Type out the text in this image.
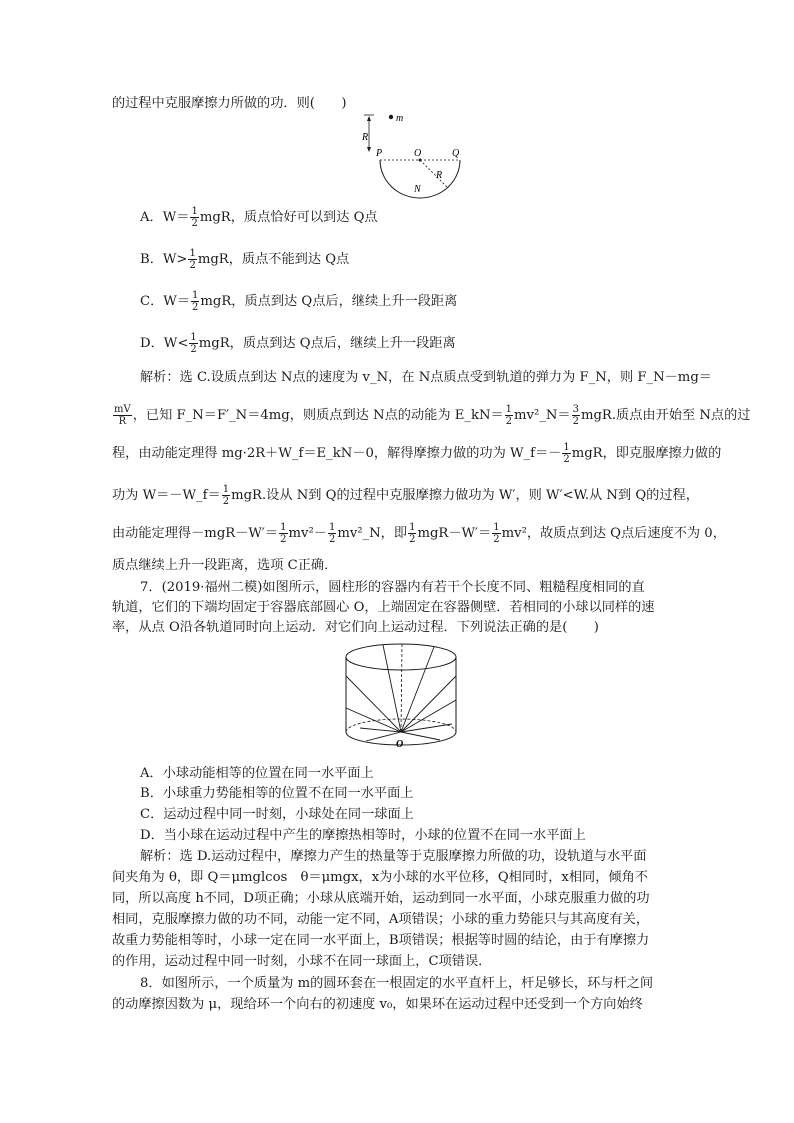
的过程中克服摩擦力所做的功．则(　　)
m
R
P	O	Q
R
N
A．$W= \frac{1}{2}$ mgR，质点恰好可以到达 Q点
B．$W> \frac{1}{2}$ mgR，质点不能到达 Q点
C．$W= \frac{1}{2}$ mgR，质点到达 Q点后，继续上升一段距离
D．$W< \frac{1}{2}$ mgR，质点到达 Q点后，继续上升一段距离
解析：选 C.设质点到达 N点的速度为 v_N，在 N点质点受到轨道的弹力为 F_N，则 F_N－mg＝
$\frac{mV}{R}$ ，已知 F_N＝F′_N＝4mg，则质点到达 N点的动能为 E_kN＝ $\frac{1}{2}$ mv²_N＝ $\frac{3}{2}$ mgR.质点由开始至 N点的过
程，由动能定理得 mg·2R＋W_f＝E_kN－0，解得摩擦力做的功为 W_f＝－ $\frac{1}{2}$ mgR，即克服摩擦力做的
功为 W＝－W_f＝ $\frac{1}{2}$ mgR.设从 N到 Q的过程中克服摩擦力做功为 W′，则 W′<W.从 N到 Q的过程，
由动能定理得$-mgR-W'= \frac{1}{2} mv^2- \frac{1}{2}$ mv²_N，即 $\frac{1}{2} mgR-W'= \frac{1}{2} mv^2$，故质点到达 Q点后速度不为 0，
质点继续上升一段距离，选项 C正确．
7．(2019·福州二模)如图所示，圆柱形的容器内有若干个长度不同、粗糙程度相同的直
轨道，它们的下端均固定于容器底部圆心 O，上端固定在容器侧壁．若相同的小球以同样的速
率，从点 O沿各轨道同时向上运动．对它们向上运动过程．下列说法正确的是(　　)
O
A．小球动能相等的位置在同一水平面上
B．小球重力势能相等的位置不在同一水平面上
C．运动过程中同一时刻，小球处在同一球面上
D．当小球在运动过程中产生的摩擦热相等时，小球的位置不在同一水平面上
解析：选 D.运动过程中，摩擦力产生的热量等于克服摩擦力所做的功，设轨道与水平面
间夹角为 θ，即 Q＝μmglcos　θ＝μmgx，x为小球的水平位移，Q相同时，x相同，倾角不
同，所以高度 h不同，D项正确；小球从底端开始，运动到同一水平面，小球克服重力做的功
相同，克服摩擦力做的功不同，动能一定不同，A项错误；小球的重力势能只与其高度有关，
故重力势能相等时，小球一定在同一水平面上，B项错误；根据等时圆的结论，由于有摩擦力
的作用，运动过程中同一时刻，小球不在同一球面上，C项错误．
8．如图所示，一个质量为 m的圆环套在一根固定的水平直杆上，杆足够长，环与杆之间
的动摩擦因数为 μ，现给环一个向右的初速度 v₀，如果环在运动过程中还受到一个方向始终
